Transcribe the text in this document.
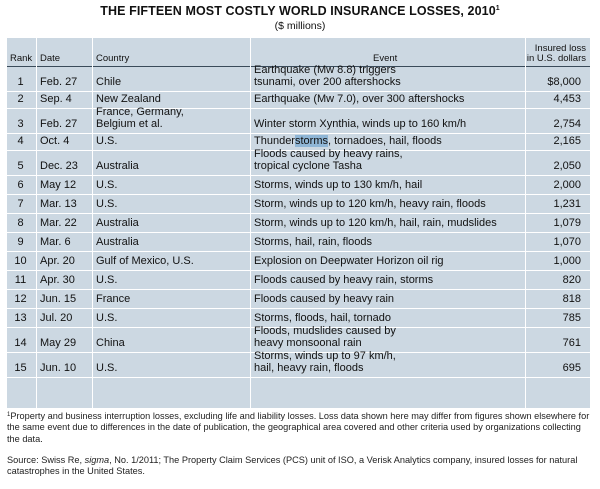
THE FIFTEEN MOST COSTLY WORLD INSURANCE LOSSES, 2010$^1$
($ millions)
Rank Date	Country	Event
Insured loss
in U.S. dollars
1	Feb. 27 Chile
Earthquake (Mw 8.8) triggers
tsunami, over 200 aftershocks	$8,000
2	Sep. 4 New Zealand	Earthquake (Mw 7.0), over 300 aftershocks	4,453
3	Feb. 27
France, Germany,
Belgium et al.	Winter storm Xynthia, winds up to 160 km/h	2,754
4	Oct. 4 U.S.	Thunderstorms, tornadoes, hail, floods	2,165
5	Dec. 23 Australia
Floods caused by heavy rains,
tropical cyclone Tasha	2,050
6	May 12 U.S.	Storms, winds up to 130 km/h, hail	2,000
7	Mar. 13 U.S.	Storm, winds up to 120 km/h, heavy rain, floods	1,231
8	Mar. 22 Australia	Storm, winds up to 120 km/h, hail, rain, mudslides	1,079
9	Mar. 6 Australia	Storms, hail, rain, floods	1,070
10	Apr. 20 Gulf of Mexico, U.S.	Explosion on Deepwater Horizon oil rig	1,000
11	Apr. 30 U.S.	Floods caused by heavy rain, storms	820
12	Jun. 15 France	Floods caused by heavy rain	818
13	Jul. 20 U.S.	Storms, floods, hail, tornado	785
14	May 29 China
Floods, mudslides caused by
heavy monsoonal rain	761
15	Jun. 10 U.S.
Storms, winds up to 97 km/h,
hail, heavy rain, floods	695
$^1$Property and business interruption losses, excluding life and liability losses. Loss data shown here may differ from figures shown elsewhere for the same event due to differences in the date of publication, the geographical area covered and other criteria used by organizations collecting the data.
Source: Swiss Re, sigma, No. 1/2011; The Property Claim Services (PCS) unit of ISO, a Verisk Analytics company, insured losses for natural catastrophes in the United States.
